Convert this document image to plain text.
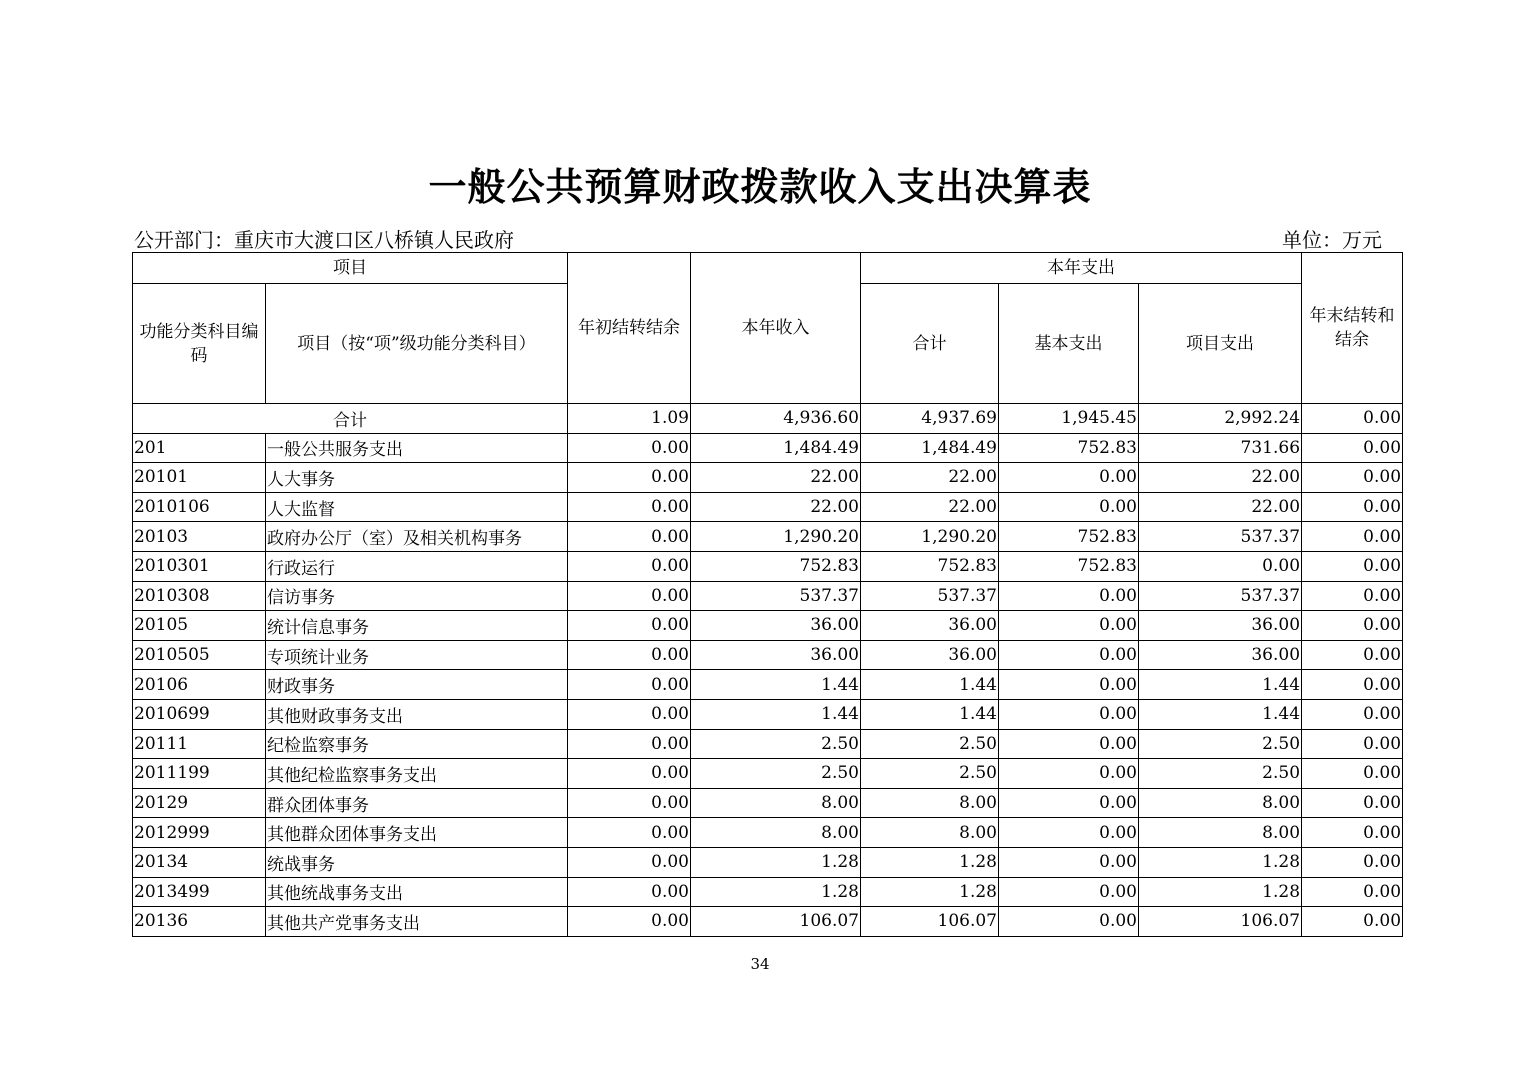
一般公共预算财政拨款收入支出决算表
公开部门：重庆市大渡口区八桥镇人民政府	单位：万元
项目		年初结转结余	本年收入	本年支出			年末结转和结余
功能分类科目编码	项目（按“项”级功能分类科目）			合计	基本支出	项目支出	
合计		1.09	4,936.60	4,937.69	1,945.45	2,992.24	0.00
201	一般公共服务支出	0.00	1,484.49	1,484.49	752.83	731.66	0.00
20101	人大事务	0.00	22.00	22.00	0.00	22.00	0.00
2010106	人大监督	0.00	22.00	22.00	0.00	22.00	0.00
20103	政府办公厅（室）及相关机构事务	0.00	1,290.20	1,290.20	752.83	537.37	0.00
2010301	行政运行	0.00	752.83	752.83	752.83	0.00	0.00
2010308	信访事务	0.00	537.37	537.37	0.00	537.37	0.00
20105	统计信息事务	0.00	36.00	36.00	0.00	36.00	0.00
2010505	专项统计业务	0.00	36.00	36.00	0.00	36.00	0.00
20106	财政事务	0.00	1.44	1.44	0.00	1.44	0.00
2010699	其他财政事务支出	0.00	1.44	1.44	0.00	1.44	0.00
20111	纪检监察事务	0.00	2.50	2.50	0.00	2.50	0.00
2011199	其他纪检监察事务支出	0.00	2.50	2.50	0.00	2.50	0.00
20129	群众团体事务	0.00	8.00	8.00	0.00	8.00	0.00
2012999	其他群众团体事务支出	0.00	8.00	8.00	0.00	8.00	0.00
20134	统战事务	0.00	1.28	1.28	0.00	1.28	0.00
2013499	其他统战事务支出	0.00	1.28	1.28	0.00	1.28	0.00
20136	其他共产党事务支出	0.00	106.07	106.07	0.00	106.07	0.00
34
